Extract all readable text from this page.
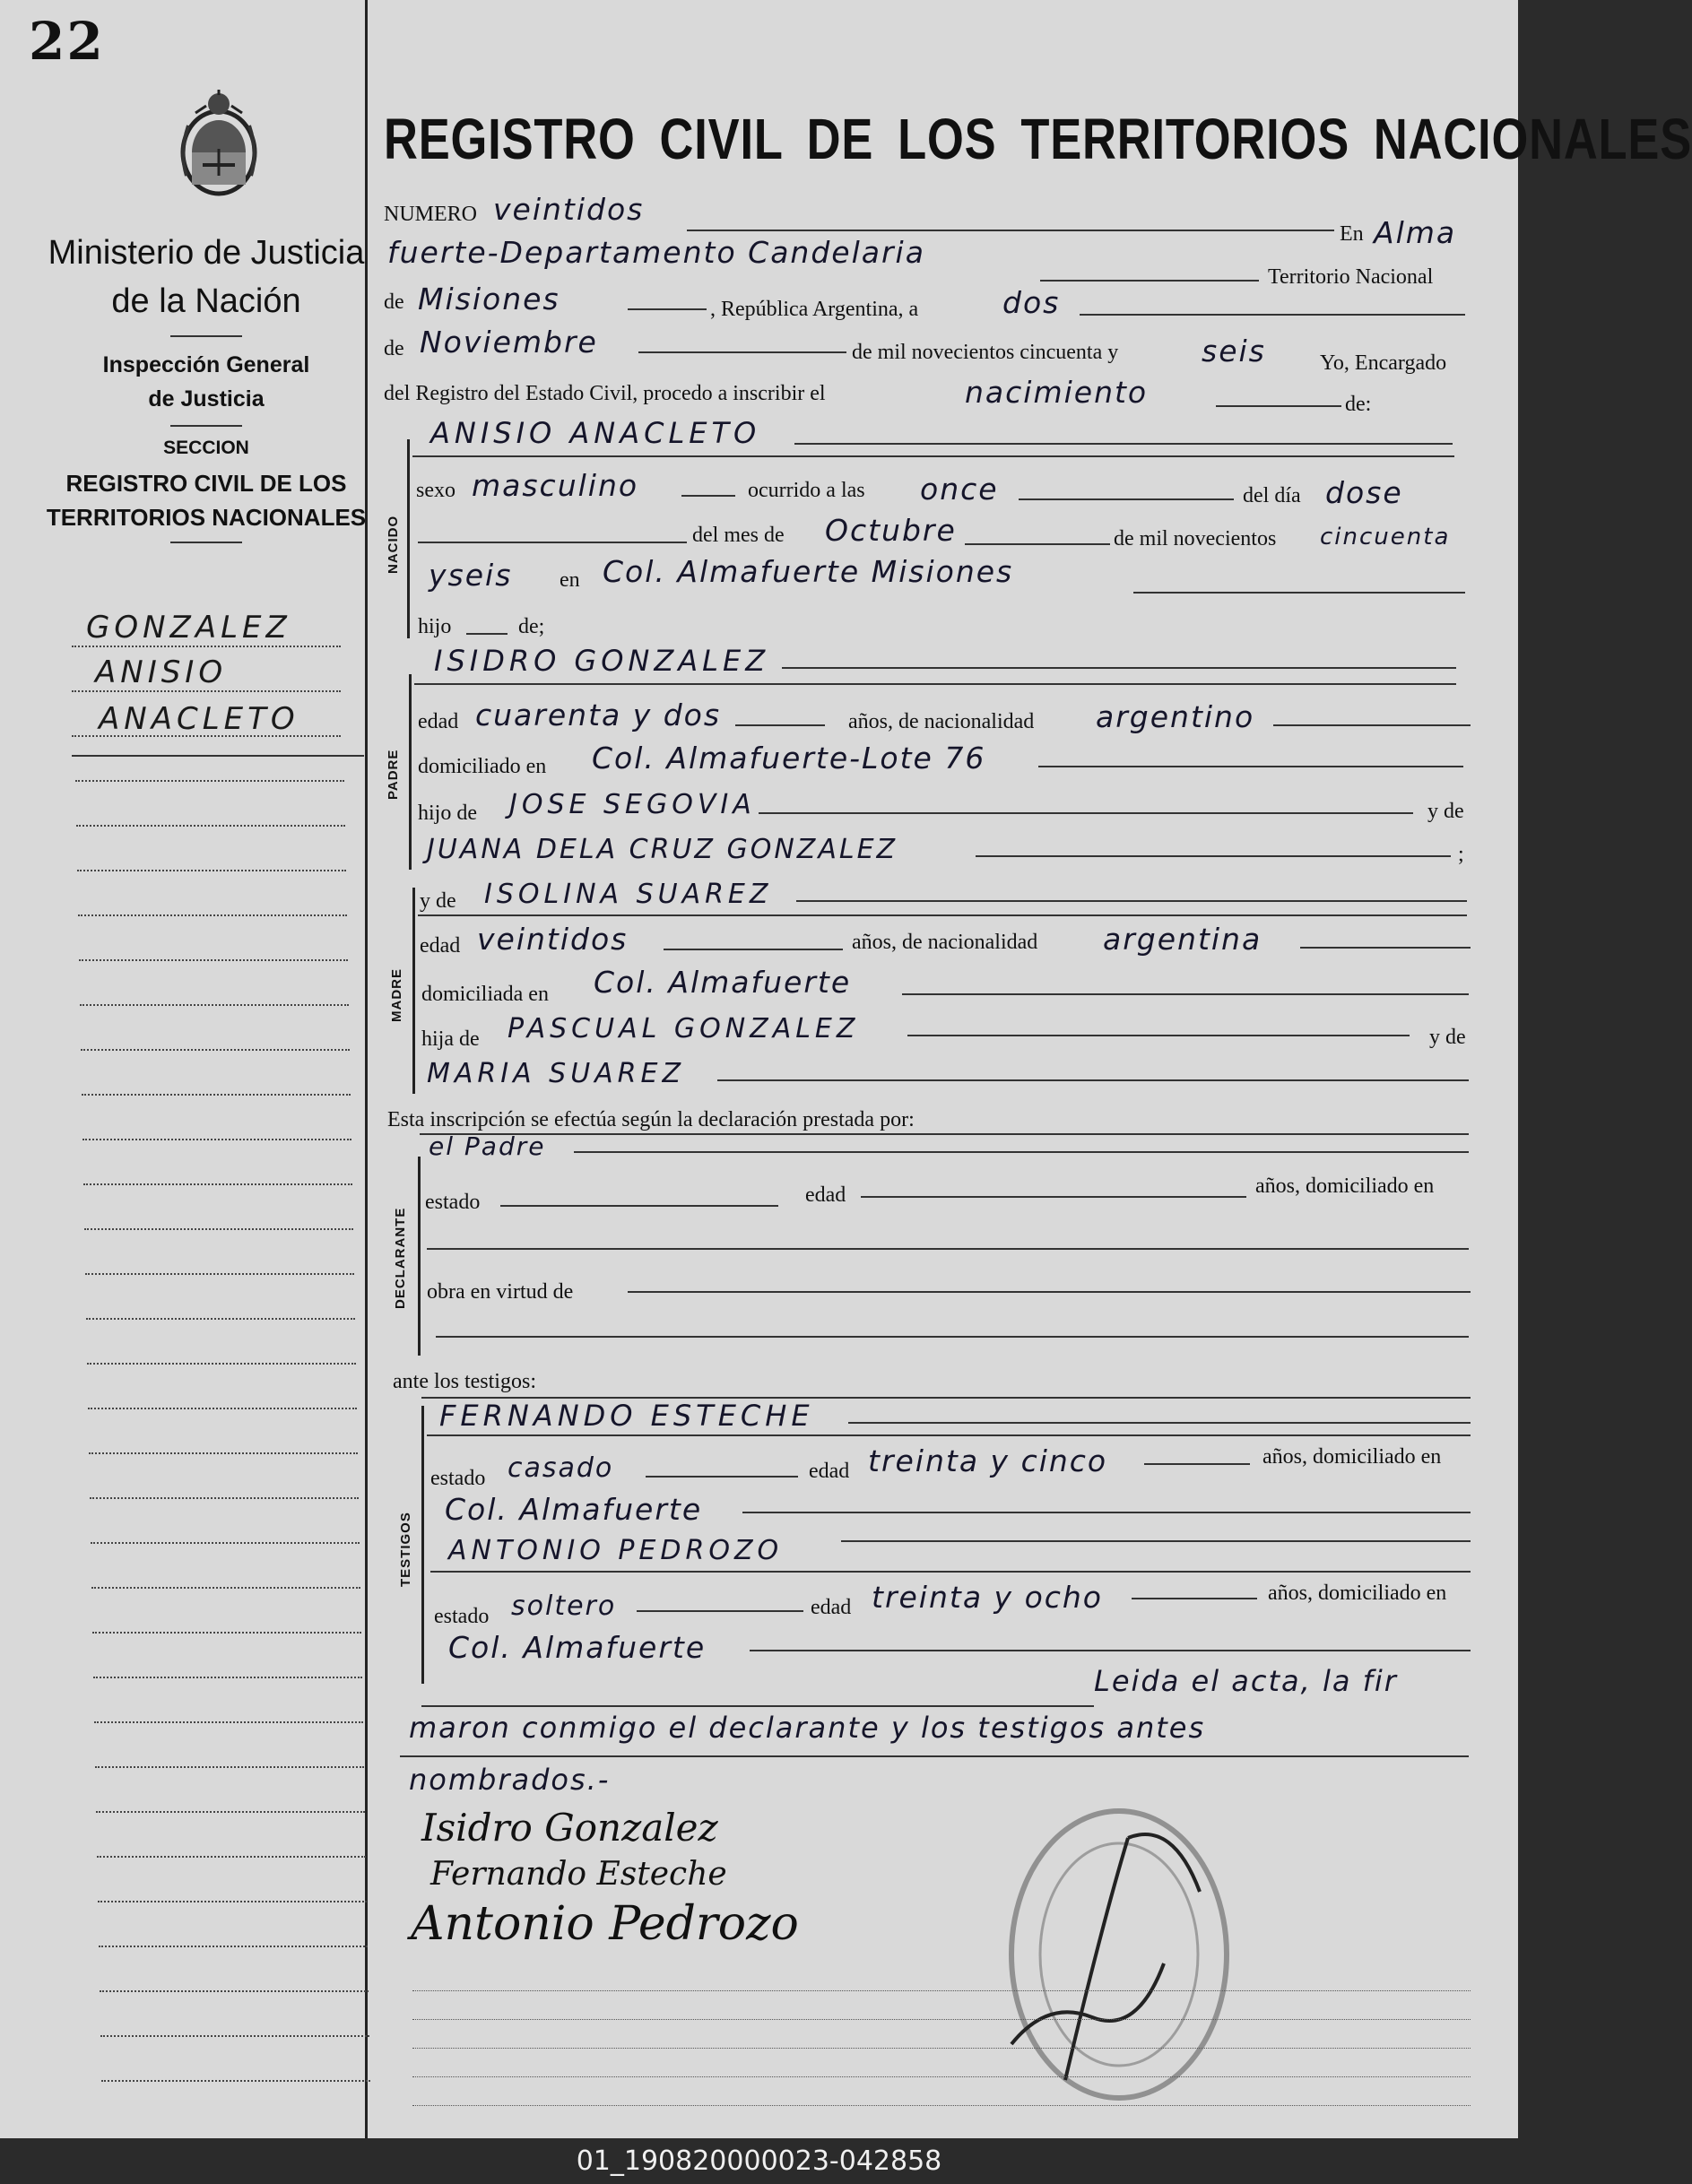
22
Ministerio de Justicia
de la Nación
Inspección General
de Justicia
SECCION
REGISTRO CIVIL DE LOS
TERRITORIOS NACIONALES
GONZALEZ
ANISIO
ANACLETO
REGISTRO CIVIL DE LOS TERRITORIOS NACIONALES
NUMERO veintidos
En Alma
fuerte-Departamento Candelaria
Territorio Nacional
de Misiones	, República Argentina, a	dos
de Noviembre	de mil novecientos cincuenta y	seis	Yo, Encargado
del Registro del Estado Civil, procedo a inscribir el	nacimiento	de:
NACIDO
ANISIO ANACLETO
sexo masculino	ocurrido a las once	del día dose
del mes de Octubre	de mil novecientos cincuenta
yseis en Col. Almafuerte Misiones
hijo	de;
PADRE
ISIDRO GONZALEZ
edad cuarenta y dos	años, de nacionalidad argentino
domiciliado en Col. Almafuerte-Lote 76
hijo de JOSE SEGOVIA	y de
JUANA DELA CRUZ GONZALEZ	;
MADRE
y de ISOLINA SUAREZ
edad veintidos	años, de nacionalidad argentina
domiciliada en Col. Almafuerte
hija de PASCUAL GONZALEZ	y de
MARIA SUAREZ
Esta inscripción se efectúa según la declaración prestada por:
el Padre
DECLARANTE
estado	edad	años, domiciliado en
obra en virtud de
ante los testigos:
TESTIGOS
FERNANDO ESTECHE
estado casado	edad treinta y cinco	años, domiciliado en
Col. Almafuerte
ANTONIO PEDROZO
estado soltero	edad treinta y ocho	años, domiciliado en
Col. Almafuerte
Leida el acta, la fir
maron conmigo el declarante y los testigos antes
nombrados.-
Isidro Gonzalez
Fernando Esteche
Antonio Pedrozo
01_190820000023-042858
